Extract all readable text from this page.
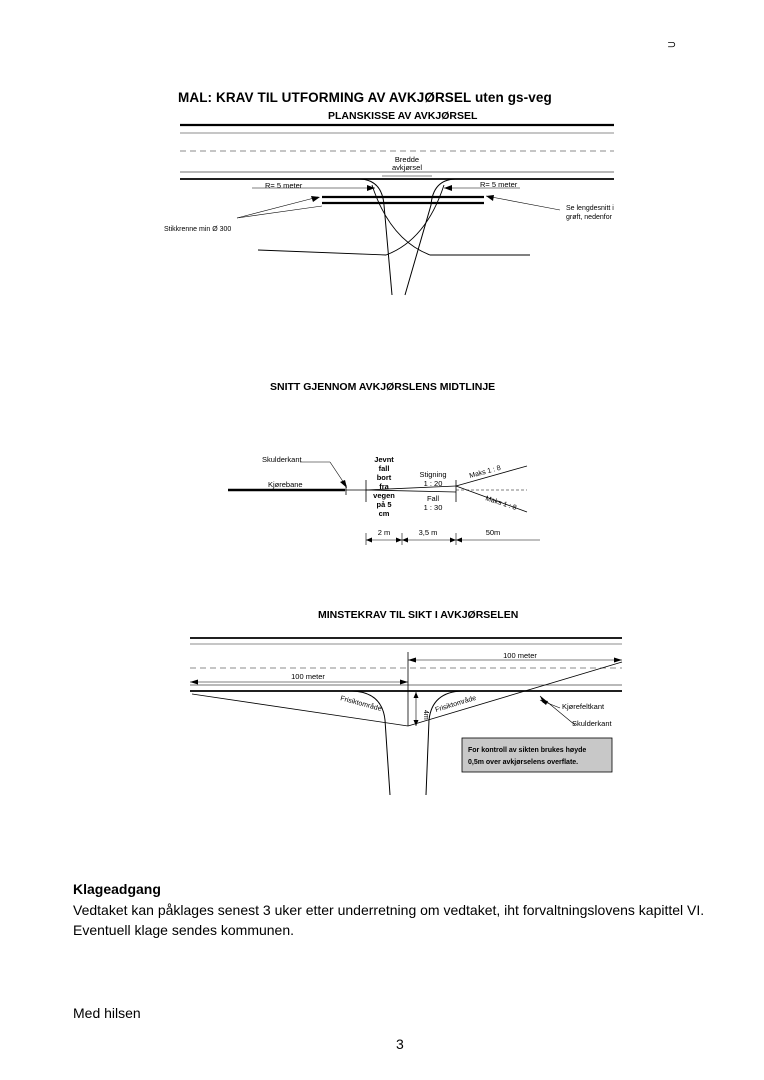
⊃
MAL: KRAV TIL UTFORMING AV AVKJØRSEL uten gs-veg
PLANSKISSE AV AVKJØRSEL
Bredde
avkjørsel
R= 5 meter	R= 5 meter
Stikkrenne min Ø 300
Se lengdesnitt i
grøft, nedenfor
SNITT GJENNOM AVKJØRSLENS MIDTLINJE
Skulderkant
Kjørebane
Jevnt
fall
bort
fra
vegen
på 5
cm
Stigning
1 : 20
Fall
1 : 30
Maks 1 : 8
Maks 1 : 8
2 m	3,5 m	50m
MINSTEKRAV TIL SIKT I AVKJØRSELEN
100 meter
100 meter
Frisiktområde	Frisiktområde
4m
Kjørefeltkant
Skulderkant
For kontroll av sikten brukes høyde
0,5m over avkjørselens overflate.
Klageadgang
Vedtaket kan påklages senest 3 uker etter underretning om vedtaket, iht forvaltningslovens kapittel VI.
Eventuell klage sendes kommunen.
Med hilsen
3
